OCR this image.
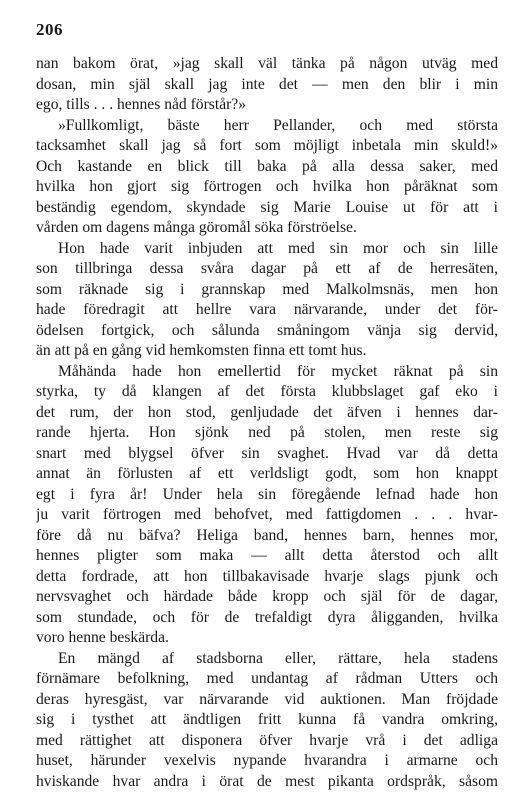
206
nan bakom örat, »jag skall väl tänka på någon utväg med
dosan, min själ skall jag inte det — men den blir i min
ego, tills . . . hennes nåd förstår?»
»Fullkomligt, bäste herr Pellander, och med största
tacksamhet skall jag så fort som möjligt inbetala min skuld!»
Och kastande en blick till baka på alla dessa saker, med
hvilka hon gjort sig förtrogen och hvilka hon påräknat som
beständig egendom, skyndade sig Marie Louise ut för att i
vården om dagens många göromål söka förströelse.
Hon hade varit inbjuden att med sin mor och sin lille
son tillbringa dessa svåra dagar på ett af de herresäten,
som räknade sig i grannskap med Malkolmsnäs, men hon
hade föredragit att hellre vara närvarande, under det för-
ödelsen fortgick, och sålunda småningom vänja sig dervid,
än att på en gång vid hemkomsten finna ett tomt hus.
Måhända hade hon emellertid för mycket räknat på sin
styrka, ty då klangen af det första klubbslaget gaf eko i
det rum, der hon stod, genljudade det äfven i hennes dar-
rande hjerta. Hon sjönk ned på stolen, men reste sig
snart med blygsel öfver sin svaghet. Hvad var då detta
annat än förlusten af ett verldsligt godt, som hon knappt
egt i fyra år! Under hela sin föregående lefnad hade hon
ju varit förtrogen med behofvet, med fattigdomen . . . hvar-
före då nu bäfva? Heliga band, hennes barn, hennes mor,
hennes pligter som maka — allt detta återstod och allt
detta fordrade, att hon tillbakavisade hvarje slags pjunk och
nervsvaghet och härdade både kropp och själ för de dagar,
som stundade, och för de trefaldigt dyra åligganden, hvilka
voro henne beskärda.
En mängd af stadsborna eller, rättare, hela stadens
förnämare befolkning, med undantag af rådman Utters och
deras hyresgäst, var närvarande vid auktionen. Man fröjdade
sig i tysthet att ändtligen fritt kunna få vandra omkring,
med rättighet att disponera öfver hvarje vrå i det adliga
huset, härunder vexelvis nypande hvarandra i armarne och
hviskande hvar andra i örat de mest pikanta ordspråk, såsom
